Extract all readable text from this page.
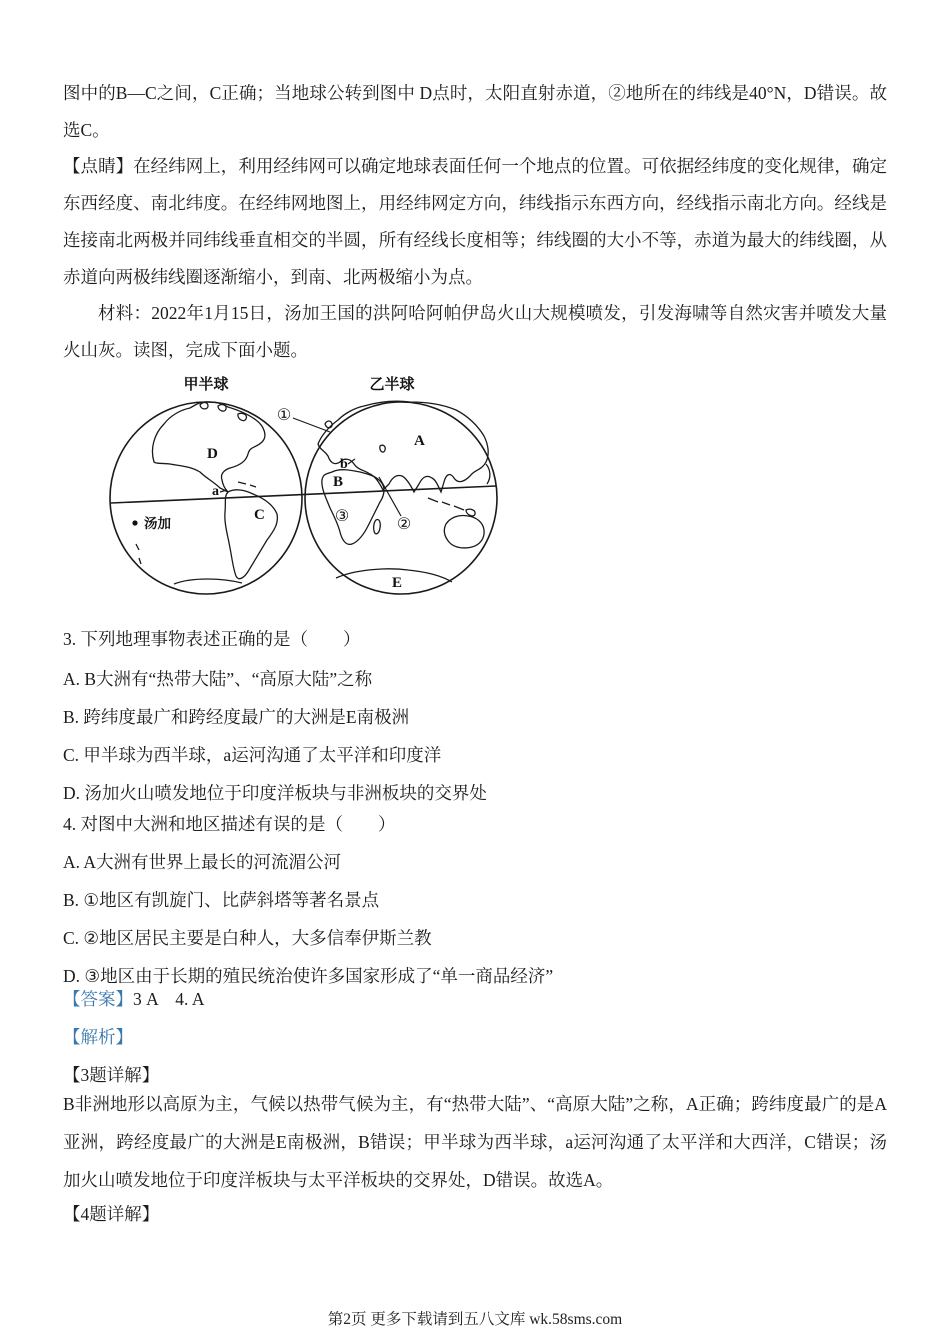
图中的B—C之间，C正确；当地球公转到图中 D点时，太阳直射赤道，②地所在的纬线是40°N，D错误。故选C。
【点睛】在经纬网上，利用经纬网可以确定地球表面任何一个地点的位置。可依据经纬度的变化规律，确定东西经度、南北纬度。在经纬网地图上，用经纬网定方向，纬线指示东西方向，经线指示南北方向。经线是连接南北两极并同纬线垂直相交的半圆，所有经线长度相等；纬线圈的大小不等，赤道为最大的纬线圈，从赤道向两极纬线圈逐渐缩小，到南、北两极缩小为点。
材料：2022年1月15日，汤加王国的洪阿哈阿帕伊岛火山大规模喷发，引发海啸等自然灾害并喷发大量火山灰。读图，完成下面小题。
甲半球	乙半球
D
a
C
汤加
①
A
b
B
③	②
E
3. 下列地理事物表述正确的是（　　）
A. B大洲有“热带大陆”、“高原大陆”之称
B. 跨纬度最广和跨经度最广的大洲是E南极洲
C. 甲半球为西半球，a运河沟通了太平洋和印度洋
D. 汤加火山喷发地位于印度洋板块与非洲板块的交界处
4. 对图中大洲和地区描述有误的是（　　）
A. A大洲有世界上最长的河流湄公河
B. ①地区有凯旋门、比萨斜塔等著名景点
C. ②地区居民主要是白种人，大多信奉伊斯兰教
D. ③地区由于长期的殖民统治使许多国家形成了“单一商品经济”
【答案】3 A　4. A
【解析】
【3题详解】
B非洲地形以高原为主，气候以热带气候为主，有“热带大陆”、“高原大陆”之称，A正确；跨纬度最广的是A亚洲，跨经度最广的大洲是E南极洲，B错误；甲半球为西半球，a运河沟通了太平洋和大西洋，C错误；汤加火山喷发地位于印度洋板块与太平洋板块的交界处，D错误。故选A。
【4题详解】
第2页 更多下载请到五八文库 wk.58sms.com
